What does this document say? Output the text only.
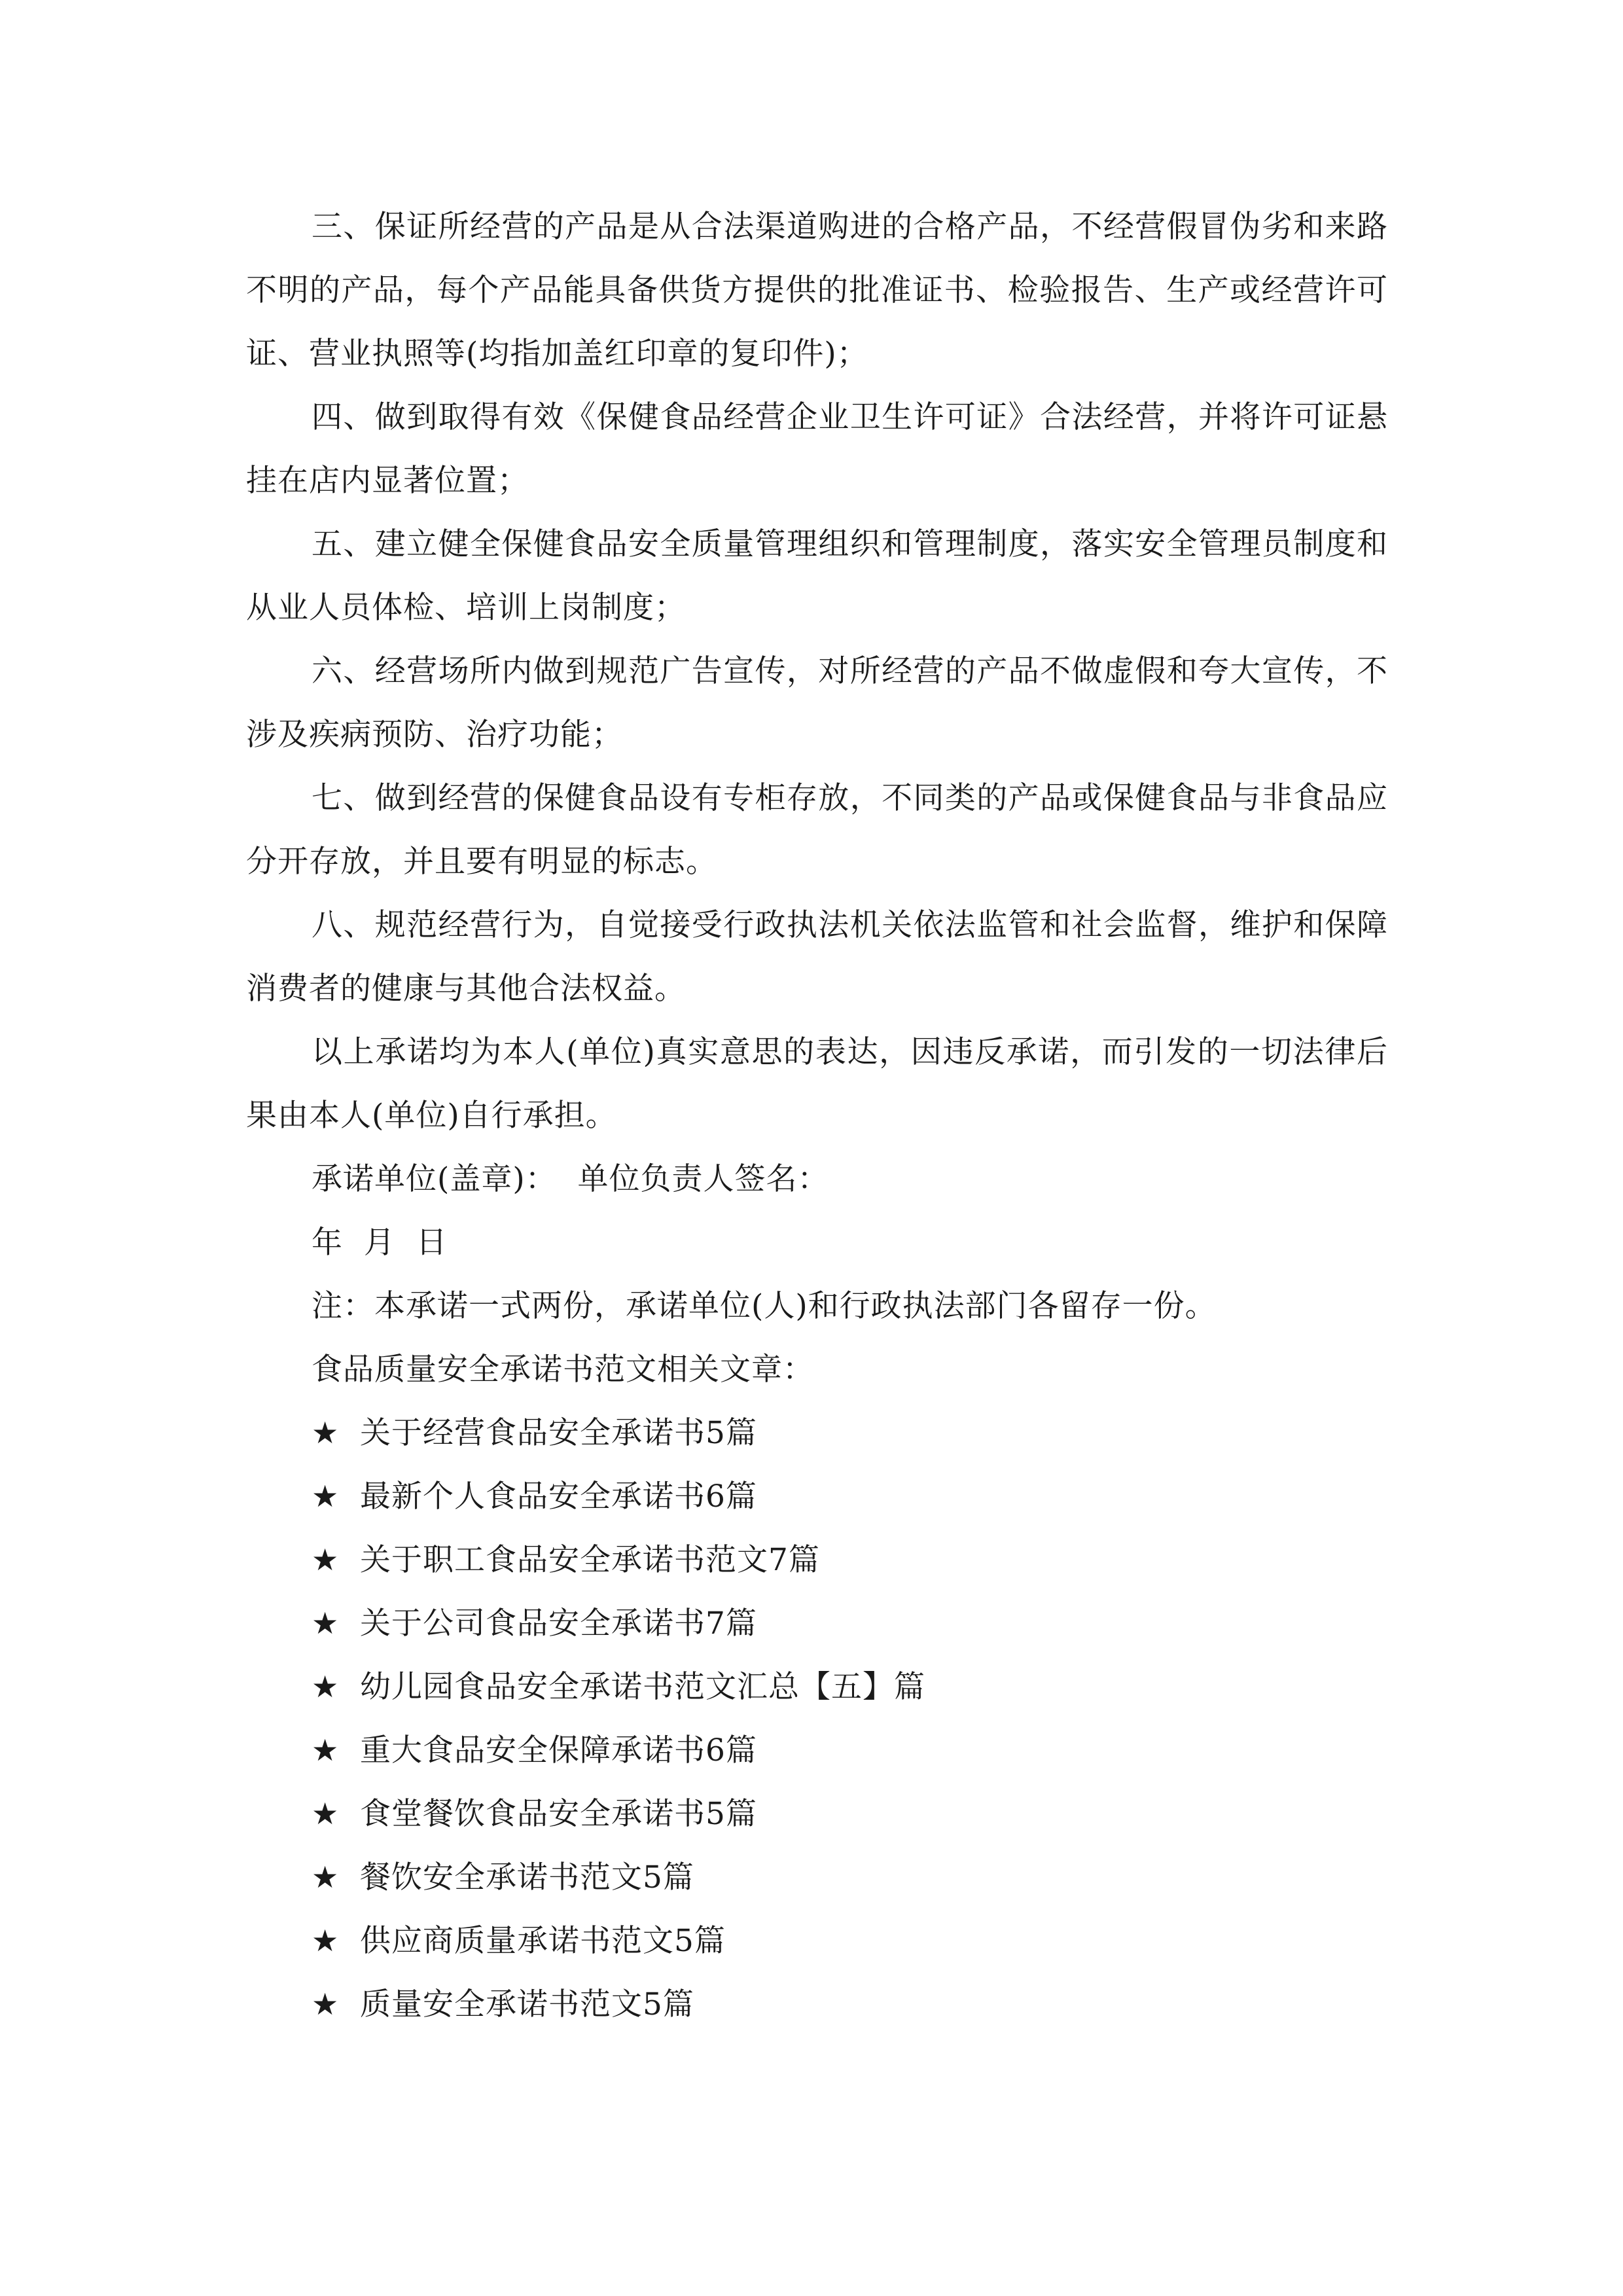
三、保证所经营的产品是从合法渠道购进的合格产品，不经营假冒伪劣和来路不明的产品，每个产品能具备供货方提供的批准证书、检验报告、生产或经营许可证、营业执照等(均指加盖红印章的复印件)；

四、做到取得有效《保健食品经营企业卫生许可证》合法经营，并将许可证悬挂在店内显著位置；

五、建立健全保健食品安全质量管理组织和管理制度，落实安全管理员制度和从业人员体检、培训上岗制度；

六、经营场所内做到规范广告宣传，对所经营的产品不做虚假和夸大宣传，不涉及疾病预防、治疗功能；

七、做到经营的保健食品设有专柜存放，不同类的产品或保健食品与非食品应分开存放，并且要有明显的标志。

八、规范经营行为，自觉接受行政执法机关依法监管和社会监督，维护和保障消费者的健康与其他合法权益。

以上承诺均为本人(单位)真实意思的表达，因违反承诺，而引发的一切法律后果由本人(单位)自行承担。

承诺单位(盖章)：  单位负责人签名：

年  月  日

注：本承诺一式两份，承诺单位(人)和行政执法部门各留存一份。

食品质量安全承诺书范文相关文章：

★ 关于经营食品安全承诺书5篇
★ 最新个人食品安全承诺书6篇
★ 关于职工食品安全承诺书范文7篇
★ 关于公司食品安全承诺书7篇
★ 幼儿园食品安全承诺书范文汇总【五】篇
★ 重大食品安全保障承诺书6篇
★ 食堂餐饮食品安全承诺书5篇
★ 餐饮安全承诺书范文5篇
★ 供应商质量承诺书范文5篇
★ 质量安全承诺书范文5篇
